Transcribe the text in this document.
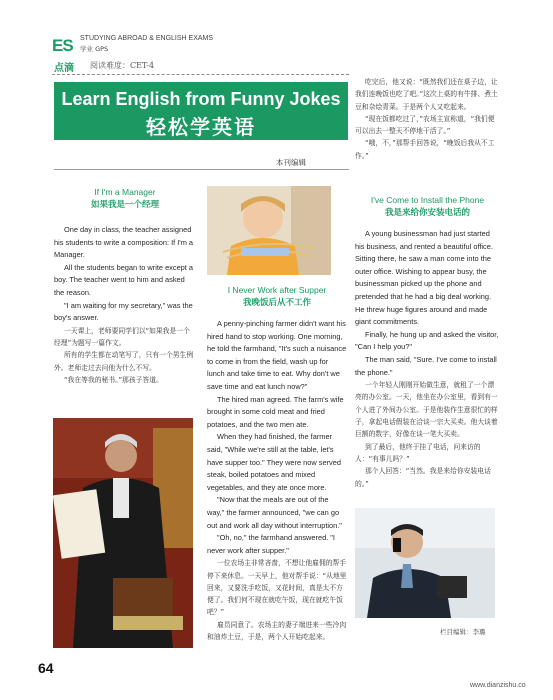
ES STUDYING ABROAD & ENGLISH EXAMS
学业 GPS
点滴 阅读难度：CET-4
Learn English from Funny Jokes
轻松学英语
本刊编辑
If I'm a Manager
如果我是一个经理

One day in class, the teacher assigned his students to write a composition: If I'm a Manager.

All the students began to write except a boy. The teacher went to him and asked the reason.

"I am waiting for my secretary," was the boy's answer.

一天课上，老师要同学们以“如果我是一个经理”为题写一篇作文。

所有的学生都在动笔写了，只有一个男生例外。老师走过去问他为什么不写。

“我在等我的秘书。”那孩子答道。

I Never Work after Supper
我晚饭后从不工作

A penny-pinching farmer didn't want his hired hand to stop working. One morning, he told the farmhand, "It's such a nuisance to come in from the field, wash up for lunch and take time to eat. Why don't we save time and eat lunch now?"

The hired man agreed. The farm's wife brought in some cold meat and fried potatoes, and the two men ate.

When they had finished, the farmer said, "While we're still at the table, let's have supper too." They were now served steak, boiled potatoes and mixed vegetables, and they ate once more.

"Now that the meals are out of the way," the farmer announced, "we can go out and work all day without interruption."

"Oh, no," the farmhand answered. "I never work after supper."

一位农场主非常吝啬，不想让他雇佣的帮手停下来休息。一天早上，他对帮手说：“从地里回来，又要洗手吃饭，又花时间，真是太不方便了。我们何不现在就吃午饭，现在就吃午饭吧？”

雇员同意了。农场主的妻子端进来一些冷肉和油炸土豆，于是，两个人开始吃起来。

吃完后，他又说：“既然我们还在桌子边，让我们连晚饭也吃了吧。”这次上桌的有牛排、煮土豆和杂烩青菜。于是两个人又吃起来。

“现在饭都吃过了，”农场主宣称道，“我们便可以出去一整天不停地干活了。”

“哦，不，”那帮手回答说，“晚饭后我从不工作。”

I've Come to Install the Phone
我是来给你安装电话的

A young businessman had just started his business, and rented a beautiful office. Sitting there, he saw a man come into the outer office. Wishing to appear busy, the businessman picked up the phone and pretended that he had a big deal working. He threw huge figures around and made giant commitments.

Finally, he hung up and asked the visitor, "Can I help you?"

The man said, "Sure. I've come to install the phone."

一个年轻人刚刚开始做生意，就租了一个漂亮的办公室。一天，他坐在办公室里，看到有一个人进了外间办公室。于是他装作生意很忙的样子，拿起电话假装在洽谈一宗大买卖。他大谈着巨额的数字，好像在谈一笔大买卖。

到了最后，他终于挂了电话，问来访的人：“有事儿吗？”

那个人回答：“当然。我是来给你安装电话的。”

栏目编辑：李璐
64
www.dianzishu.co
